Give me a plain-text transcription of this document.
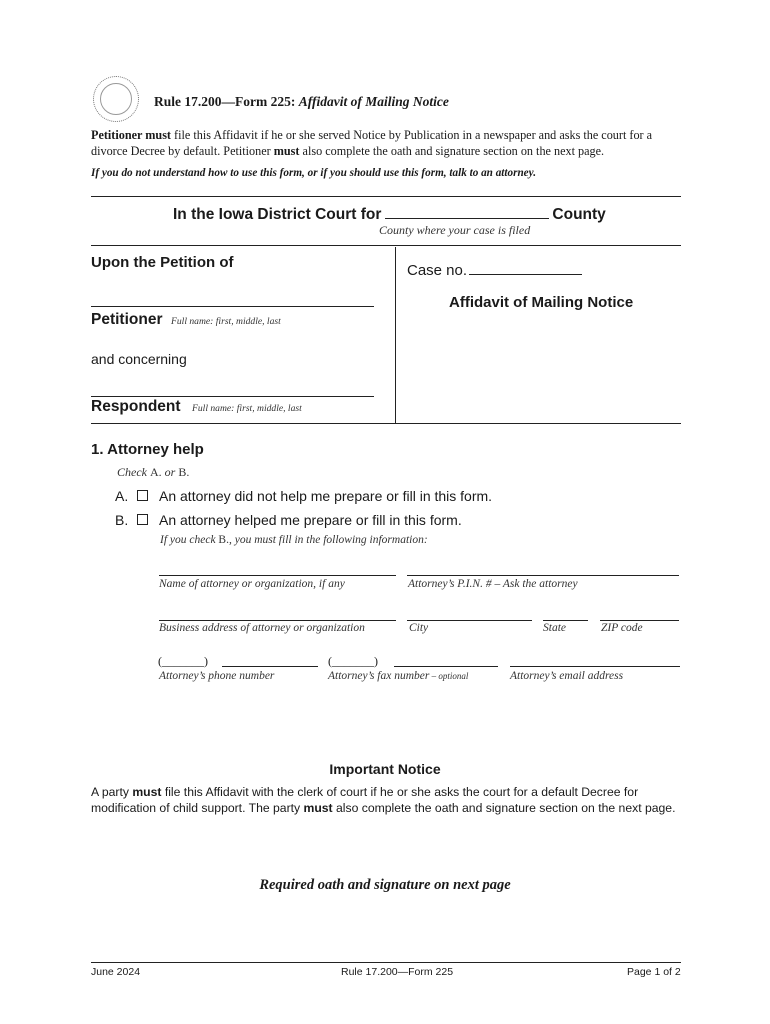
Rule 17.200—Form 225: Affidavit of Mailing Notice
Petitioner must file this Affidavit if he or she served Notice by Publication in a newspaper and asks the court for a divorce Decree by default. Petitioner must also complete the oath and signature section on the next page.
If you do not understand how to use this form, or if you should use this form, talk to an attorney.
In the Iowa District Court for	County
County where your case is filed
Upon the Petition of
Petitioner Full name: first, middle, last
and concerning
Respondent Full name: first, middle, last
Case no.
Affidavit of Mailing Notice
1. Attorney help
Check A. or B.
A. An attorney did not help me prepare or fill in this form.
B. An attorney helped me prepare or fill in this form.
If you check B., you must fill in the following information:
Name of attorney or organization, if any	Attorney’s P.I.N. # – Ask the attorney
Business address of attorney or organization	City	State	ZIP code
(_______)	(_______)
Attorney’s phone number	Attorney’s fax number – optional	Attorney’s email address
Important Notice
A party must file this Affidavit with the clerk of court if he or she asks the court for a default Decree for modification of child support. The party must also complete the oath and signature section on the next page.
Required oath and signature on next page
June 2024	Rule 17.200—Form 225	Page 1 of 2
